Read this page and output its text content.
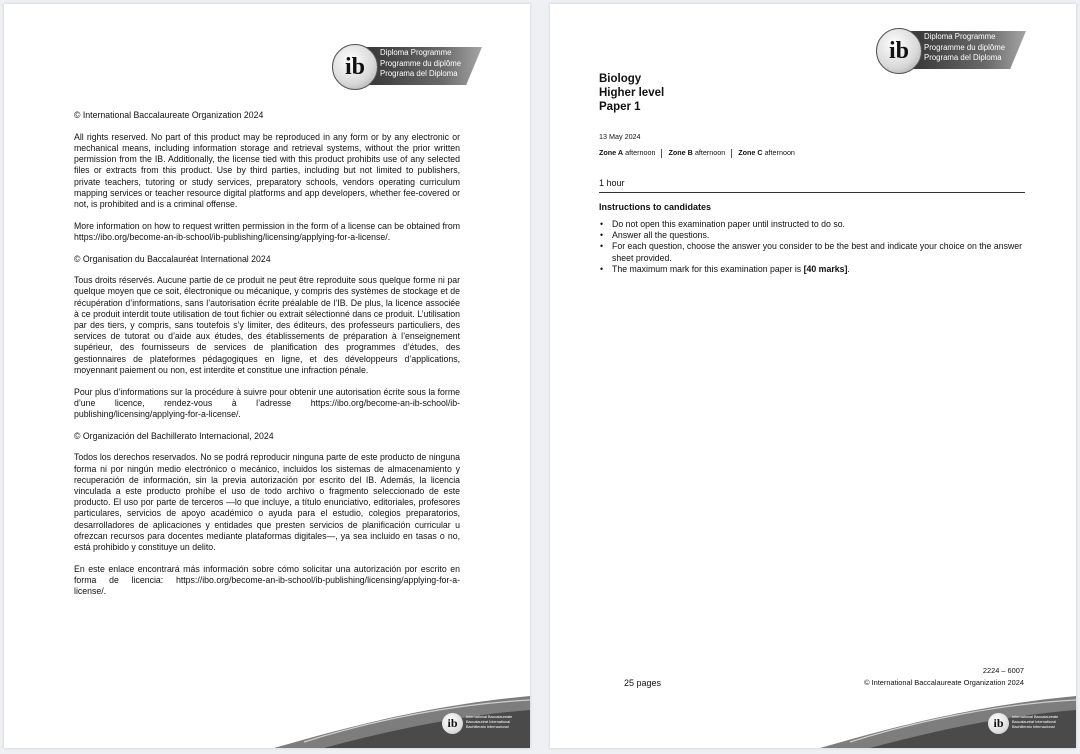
ib
Diploma Programme
Programme du diplôme
Programa del Diploma

© International Baccalaureate Organization 2024

All rights reserved. No part of this product may be reproduced in any form or by any electronic or mechanical means, including information storage and retrieval systems, without the prior written permission from the IB. Additionally, the license tied with this product prohibits use of any selected files or extracts from this product. Use by third parties, including but not limited to publishers, private teachers, tutoring or study services, preparatory schools, vendors operating curriculum mapping services or teacher resource digital platforms and app developers, whether fee-covered or not, is prohibited and is a criminal offense.

More information on how to request written permission in the form of a license can be obtained from https://ibo.org/become-an-ib-school/ib-publishing/licensing/applying-for-a-license/.

© Organisation du Baccalauréat International 2024

Tous droits réservés. Aucune partie de ce produit ne peut être reproduite sous quelque forme ni par quelque moyen que ce soit, électronique ou mécanique, y compris des systèmes de stockage et de récupération d’informations, sans l’autorisation écrite préalable de l’IB. De plus, la licence associée à ce produit interdit toute utilisation de tout fichier ou extrait sélectionné dans ce produit. L’utilisation par des tiers, y compris, sans toutefois s’y limiter, des éditeurs, des professeurs particuliers, des services de tutorat ou d’aide aux études, des établissements de préparation à l’enseignement supérieur, des fournisseurs de services de planification des programmes d’études, des gestionnaires de plateformes pédagogiques en ligne, et des développeurs d’applications, moyennant paiement ou non, est interdite et constitue une infraction pénale.

Pour plus d’informations sur la procédure à suivre pour obtenir une autorisation écrite sous la forme d’une licence, rendez-vous à l’adresse https://ibo.org/become-an-ib-school/ib-publishing/licensing/applying-for-a-license/.

© Organización del Bachillerato Internacional, 2024

Todos los derechos reservados. No se podrá reproducir ninguna parte de este producto de ninguna forma ni por ningún medio electrónico o mecánico, incluidos los sistemas de almacenamiento y recuperación de información, sin la previa autorización por escrito del IB. Además, la licencia vinculada a este producto prohíbe el uso de todo archivo o fragmento seleccionado de este producto. El uso por parte de terceros —lo que incluye, a título enunciativo, editoriales, profesores particulares, servicios de apoyo académico o ayuda para el estudio, colegios preparatorios, desarrolladores de aplicaciones y entidades que presten servicios de planificación curricular u ofrezcan recursos para docentes mediante plataformas digitales—, ya sea incluido en tasas o no, está prohibido y constituye un delito.

En este enlace encontrará más información sobre cómo solicitar una autorización por escrito en forma de licencia: https://ibo.org/become-an-ib-school/ib-publishing/licensing/applying-for-a-license/.

ib	International Baccalaureate
Baccalauréat International
Bachillerato Internacional
ib
Diploma Programme
Programme du diplôme
Programa del Diploma
Biology
Higher level
Paper 1
13 May 2024
Zone A afternoon Zone B afternoon Zone C afternoon
1 hour
Instructions to candidates
• Do not open this examination paper until instructed to do so.
• Answer all the questions.
• For each question, choose the answer you consider to be the best and indicate your choice on the answer sheet provided.
• The maximum mark for this examination paper is [40 marks].
25 pages
2224 – 6007
© International Baccalaureate Organization 2024
ib	International Baccalaureate
Baccalauréat International
Bachillerato Internacional
